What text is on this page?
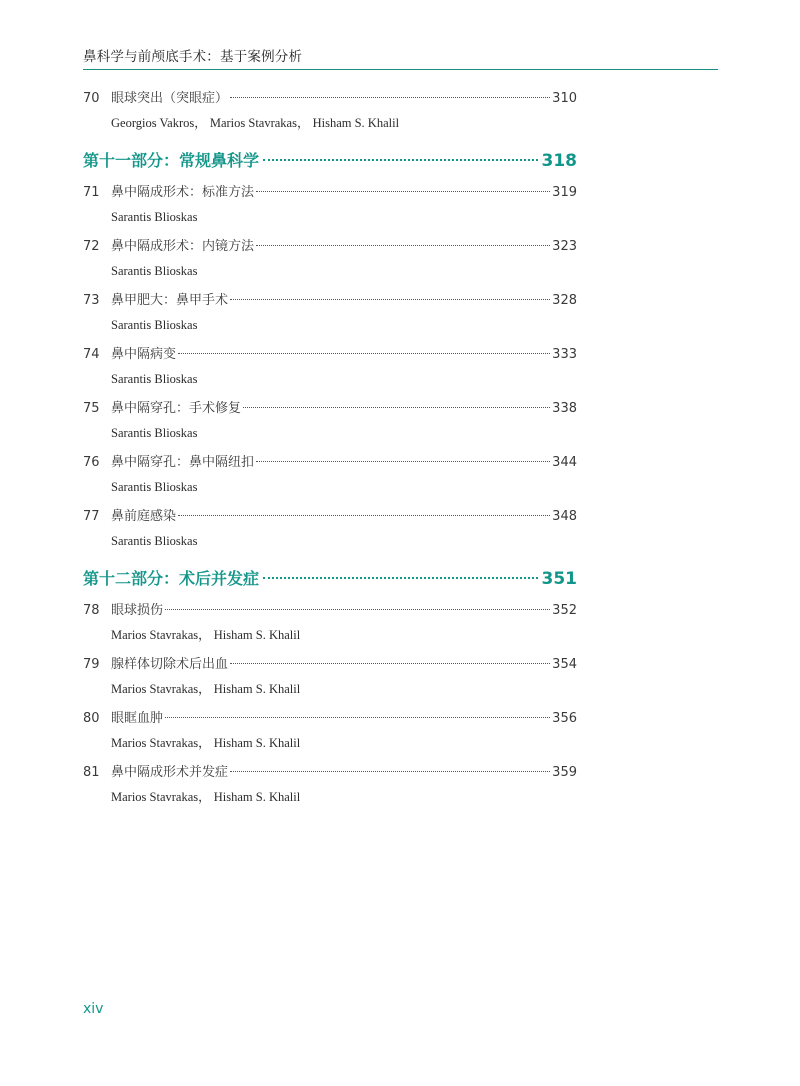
鼻科学与前颅底手术：基于案例分析
70 眼球突出（突眼症）	310
Georgios Vakros， Marios Stavrakas， Hisham S. Khalil
第十一部分：常规鼻科学	318
71 鼻中隔成形术：标准方法	319
Sarantis Blioskas
72 鼻中隔成形术：内镜方法	323
Sarantis Blioskas
73 鼻甲肥大：鼻甲手术	328
Sarantis Blioskas
74 鼻中隔病变	333
Sarantis Blioskas
75 鼻中隔穿孔：手术修复	338
Sarantis Blioskas
76 鼻中隔穿孔：鼻中隔纽扣	344
Sarantis Blioskas
77 鼻前庭感染	348
Sarantis Blioskas
第十二部分：术后并发症	351
78 眼球损伤	352
Marios Stavrakas， Hisham S. Khalil
79 腺样体切除术后出血	354
Marios Stavrakas， Hisham S. Khalil
80 眼眶血肿	356
Marios Stavrakas， Hisham S. Khalil
81 鼻中隔成形术并发症	359
Marios Stavrakas， Hisham S. Khalil
xiv
